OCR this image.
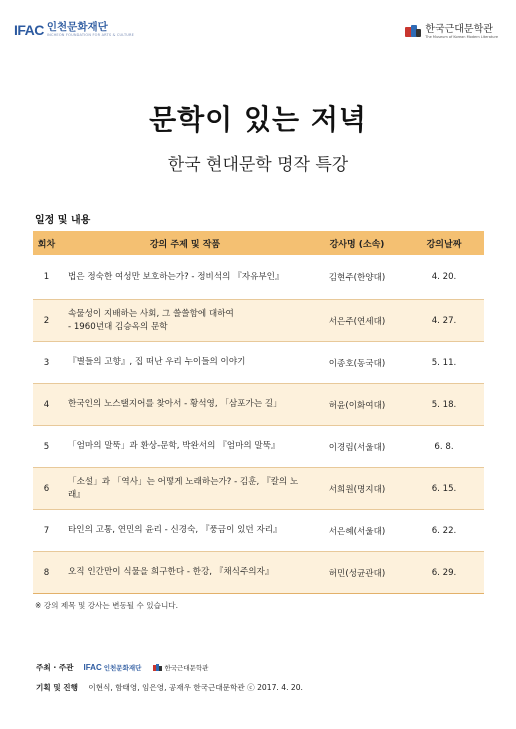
IFAC 인천문화재단
INCHEON FOUNDATION FOR ARTS & CULTURE	한국근대문학관
The Museum of Korean Modern Literature
문학이 있는 저녁
한국 현대문학 명작 특강
일정 및 내용
회차	강의 주제 및 작품	강사명 (소속)	강의날짜
1	법은 정숙한 여성만 보호하는가? - 정비석의 『자유부인』	김현주(한양대)	4. 20.
2	속물성이 지배하는 사회, 그 쓸쓸함에 대하여
- 1960년대 김승옥의 문학	서은주(연세대)	4. 27.
3	『별들의 고향』, 집 떠난 우리 누이들의 이야기	이종호(동국대)	5. 11.
4	한국인의 노스탤지어를 찾아서 - 황석영, 「삼포가는 길」	허윤(이화여대)	5. 18.
5	「엄마의 말뚝」과 환상-문학, 박완서의 『엄마의 말뚝』	이경림(서울대)	6. 8.
6	「소설」과 「역사」는 어떻게 노래하는가? - 김훈, 『칼의 노래』	서희원(명지대)	6. 15.
7	타인의 고통, 연민의 윤리 - 신경숙, 『풍금이 있던 자리』	서은혜(서울대)	6. 22.
8	오직 인간만이 식물을 희구한다 - 한강, 『채식주의자』	허민(성균관대)	6. 29.
※ 강의 제목 및 강사는 변동될 수 있습니다.
주최 · 주관 IFAC 인천문화재단	한국근대문학관
기획 및 진행 이현식, 함태영, 임은영, 공재우 한국근대문학관 ⓒ 2017. 4. 20.
